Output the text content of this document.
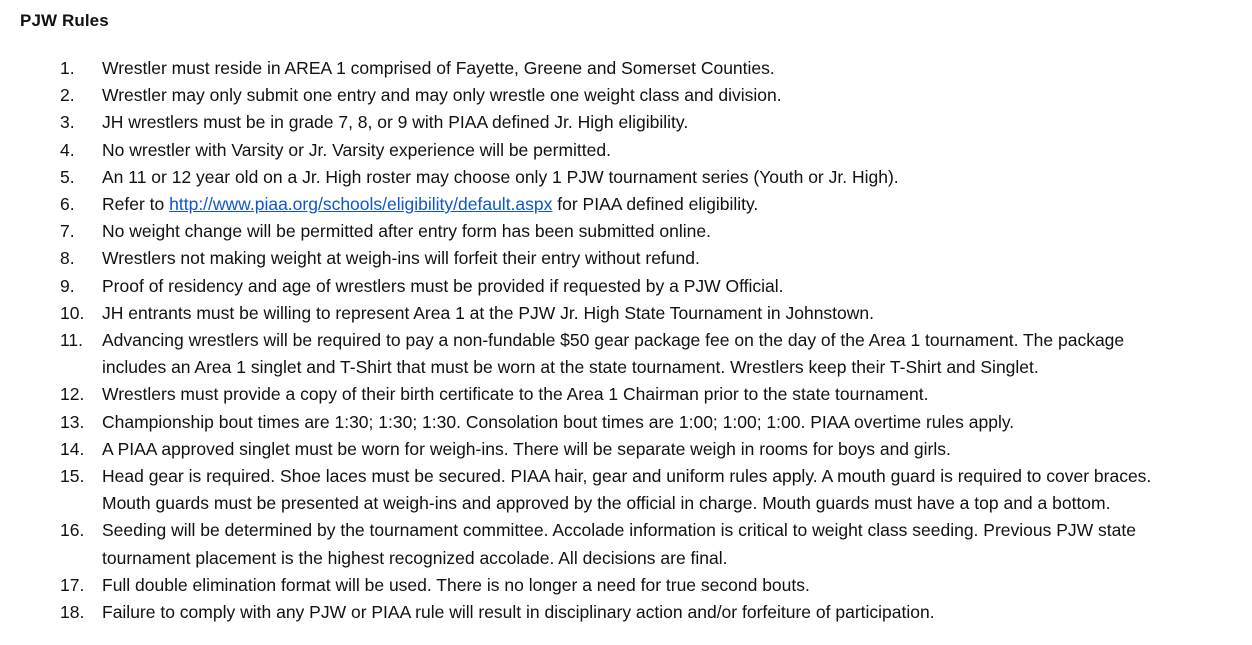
PJW Rules
1.	Wrestler must reside in AREA 1 comprised of Fayette, Greene and Somerset Counties.
2.	Wrestler may only submit one entry and may only wrestle one weight class and division.
3.	JH wrestlers must be in grade 7, 8, or 9 with PIAA defined Jr. High eligibility.
4.	No wrestler with Varsity or Jr. Varsity experience will be permitted.
5.	An 11 or 12 year old on a Jr. High roster may choose only 1 PJW tournament series (Youth or Jr. High).
6.	Refer to http://www.piaa.org/schools/eligibility/default.aspx for PIAA defined eligibility.
7.	No weight change will be permitted after entry form has been submitted online.
8.	Wrestlers not making weight at weigh-ins will forfeit their entry without refund.
9.	Proof of residency and age of wrestlers must be provided if requested by a PJW Official.
10.	JH entrants must be willing to represent Area 1 at the PJW Jr. High State Tournament in Johnstown.
11.	Advancing wrestlers will be required to pay a non-fundable $50 gear package fee on the day of the Area 1 tournament. The package
includes an Area 1 singlet and T-Shirt that must be worn at the state tournament. Wrestlers keep their T-Shirt and Singlet.
12.	Wrestlers must provide a copy of their birth certificate to the Area 1 Chairman prior to the state tournament.
13.	Championship bout times are 1:30; 1:30; 1:30. Consolation bout times are 1:00; 1:00; 1:00. PIAA overtime rules apply.
14.	A PIAA approved singlet must be worn for weigh-ins. There will be separate weigh in rooms for boys and girls.
15.	Head gear is required. Shoe laces must be secured. PIAA hair, gear and uniform rules apply. A mouth guard is required to cover braces.
Mouth guards must be presented at weigh-ins and approved by the official in charge. Mouth guards must have a top and a bottom.
16.	Seeding will be determined by the tournament committee. Accolade information is critical to weight class seeding. Previous PJW state
tournament placement is the highest recognized accolade. All decisions are final.
17.	Full double elimination format will be used. There is no longer a need for true second bouts.
18.	Failure to comply with any PJW or PIAA rule will result in disciplinary action and/or forfeiture of participation.
